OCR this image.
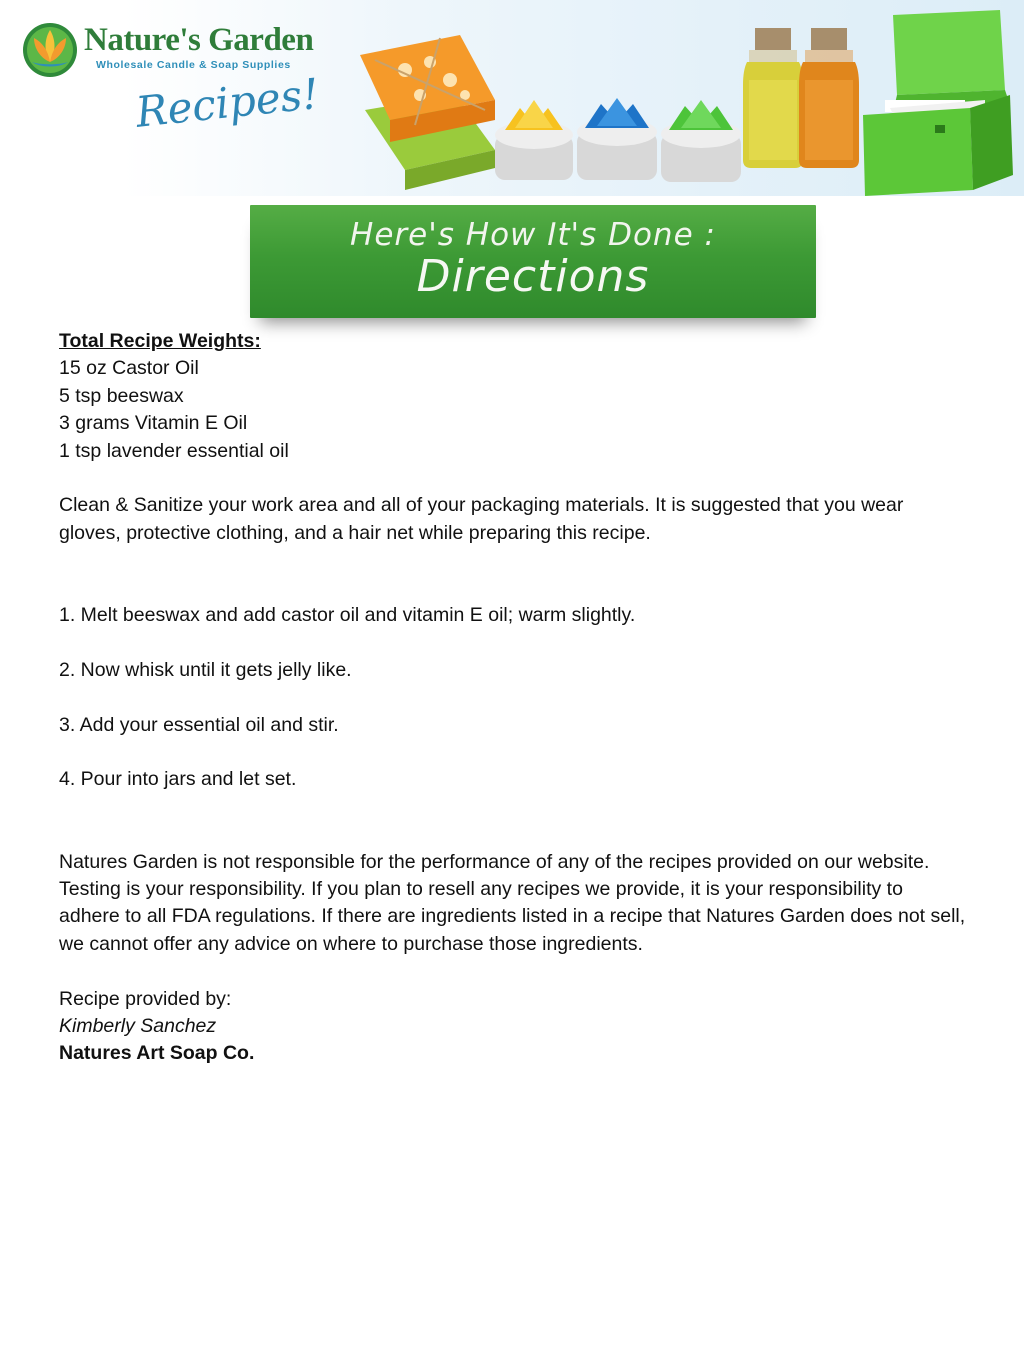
Nature's Garden
Wholesale Candle & Soap Supplies
Recipes!
Here's How It's Done :
Directions

Total Recipe Weights:

15 oz Castor Oil

5 tsp beeswax

3 grams Vitamin E Oil

1 tsp lavender essential oil

Clean & Sanitize your work area and all of your packaging materials. It is suggested that you wear gloves, protective clothing, and a hair net while preparing this recipe.

1. Melt beeswax and add castor oil and vitamin E oil; warm slightly.

2. Now whisk until it gets jelly like.

3. Add your essential oil and stir.

4. Pour into jars and let set.

Natures Garden is not responsible for the performance of any of the recipes provided on our website. Testing is your responsibility. If you plan to resell any recipes we provide, it is your responsibility to adhere to all FDA regulations. If there are ingredients listed in a recipe that Natures Garden does not sell, we cannot offer any advice on where to purchase those ingredients.

Recipe provided by:

Kimberly Sanchez

Natures Art Soap Co.
